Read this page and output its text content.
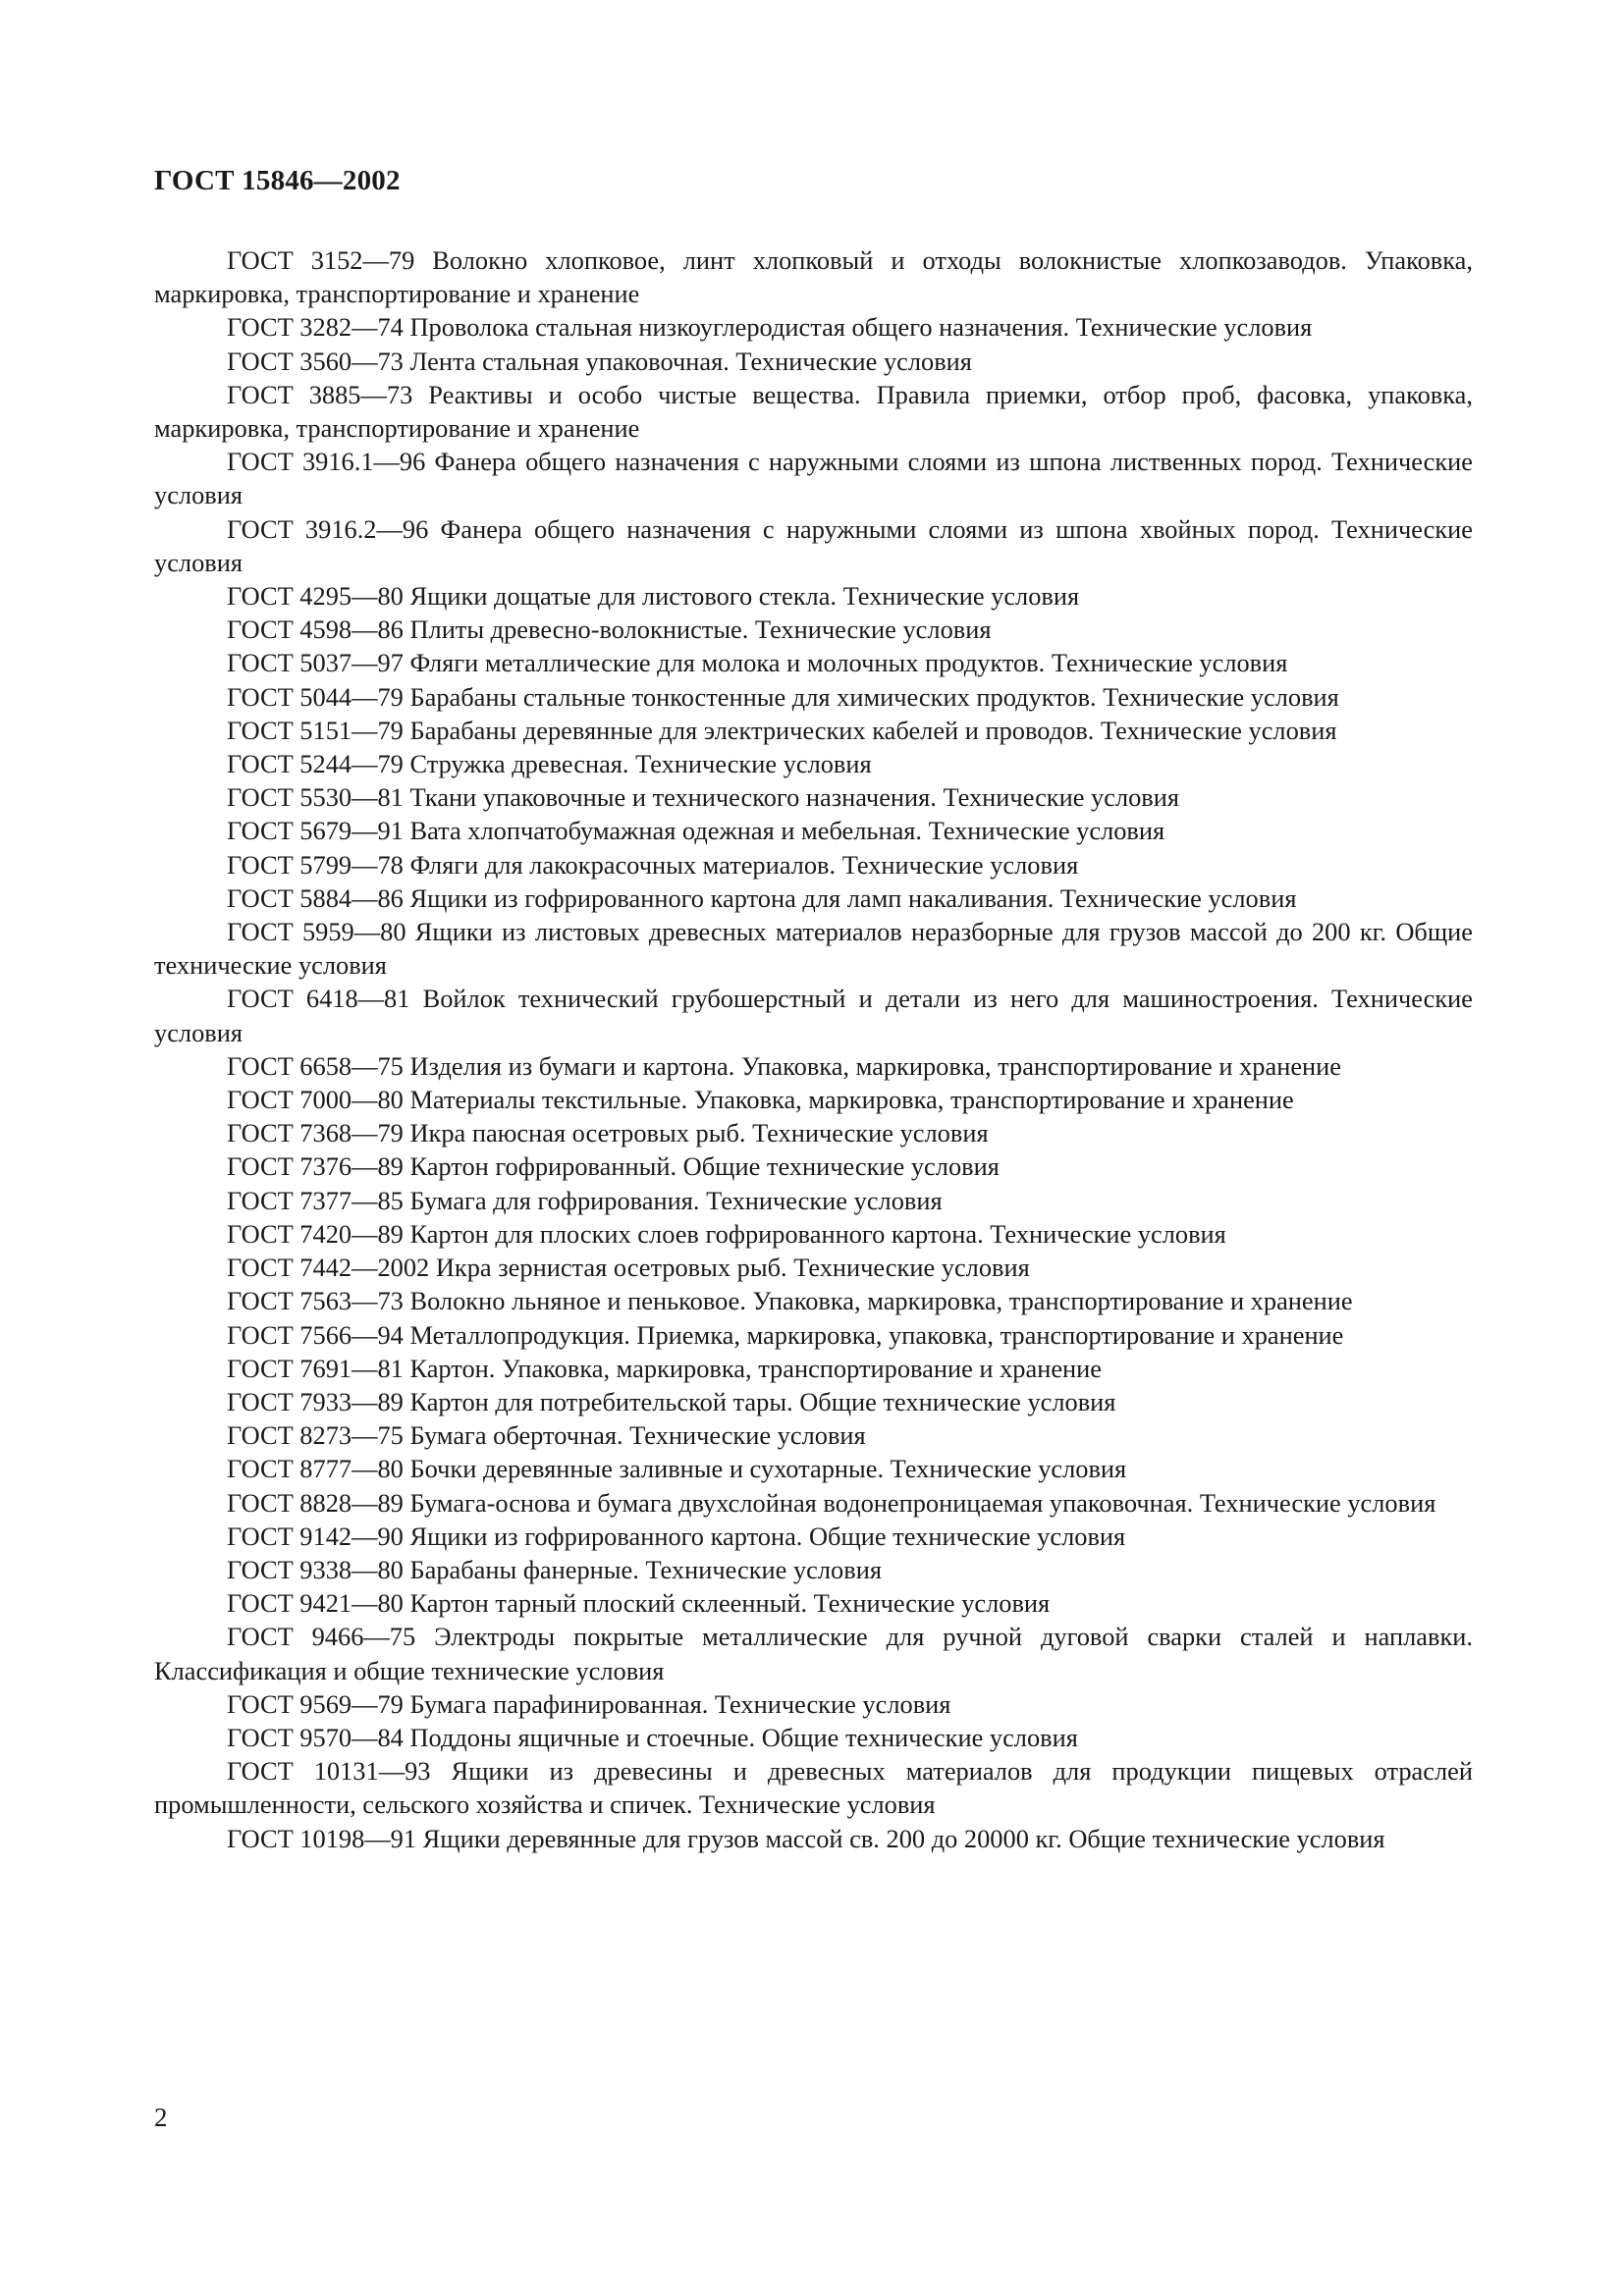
ГОСТ 15846—2002
ГОСТ 3152—79 Волокно хлопковое, линт хлопковый и отходы волокнистые хлопкозаводов. Упаковка, маркировка, транспортирование и хранение
ГОСТ 3282—74 Проволока стальная низкоуглеродистая общего назначения. Технические условия
ГОСТ 3560—73 Лента стальная упаковочная. Технические условия
ГОСТ 3885—73 Реактивы и особо чистые вещества. Правила приемки, отбор проб, фасовка, упаковка, маркировка, транспортирование и хранение
ГОСТ 3916.1—96 Фанера общего назначения с наружными слоями из шпона лиственных пород. Технические условия
ГОСТ 3916.2—96 Фанера общего назначения с наружными слоями из шпона хвойных пород. Технические условия
ГОСТ 4295—80 Ящики дощатые для листового стекла. Технические условия
ГОСТ 4598—86 Плиты древесно-волокнистые. Технические условия
ГОСТ 5037—97 Фляги металлические для молока и молочных продуктов. Технические условия
ГОСТ 5044—79 Барабаны стальные тонкостенные для химических продуктов. Технические условия
ГОСТ 5151—79 Барабаны деревянные для электрических кабелей и проводов. Технические условия
ГОСТ 5244—79 Стружка древесная. Технические условия
ГОСТ 5530—81 Ткани упаковочные и технического назначения. Технические условия
ГОСТ 5679—91 Вата хлопчатобумажная одежная и мебельная. Технические условия
ГОСТ 5799—78 Фляги для лакокрасочных материалов. Технические условия
ГОСТ 5884—86 Ящики из гофрированного картона для ламп накаливания. Технические условия
ГОСТ 5959—80 Ящики из листовых древесных материалов неразборные для грузов массой до 200 кг. Общие технические условия
ГОСТ 6418—81 Войлок технический грубошерстный и детали из него для машиностроения. Технические условия
ГОСТ 6658—75 Изделия из бумаги и картона. Упаковка, маркировка, транспортирование и хранение
ГОСТ 7000—80 Материалы текстильные. Упаковка, маркировка, транспортирование и хранение
ГОСТ 7368—79 Икра паюсная осетровых рыб. Технические условия
ГОСТ 7376—89 Картон гофрированный. Общие технические условия
ГОСТ 7377—85 Бумага для гофрирования. Технические условия
ГОСТ 7420—89 Картон для плоских слоев гофрированного картона. Технические условия
ГОСТ 7442—2002 Икра зернистая осетровых рыб. Технические условия
ГОСТ 7563—73 Волокно льняное и пеньковое. Упаковка, маркировка, транспортирование и хранение
ГОСТ 7566—94 Металлопродукция. Приемка, маркировка, упаковка, транспортирование и хранение
ГОСТ 7691—81 Картон. Упаковка, маркировка, транспортирование и хранение
ГОСТ 7933—89 Картон для потребительской тары. Общие технические условия
ГОСТ 8273—75 Бумага оберточная. Технические условия
ГОСТ 8777—80 Бочки деревянные заливные и сухотарные. Технические условия
ГОСТ 8828—89 Бумага-основа и бумага двухслойная водонепроницаемая упаковочная. Технические условия
ГОСТ 9142—90 Ящики из гофрированного картона. Общие технические условия
ГОСТ 9338—80 Барабаны фанерные. Технические условия
ГОСТ 9421—80 Картон тарный плоский склеенный. Технические условия
ГОСТ 9466—75 Электроды покрытые металлические для ручной дуговой сварки сталей и наплавки. Классификация и общие технические условия
ГОСТ 9569—79 Бумага парафинированная. Технические условия
ГОСТ 9570—84 Поддоны ящичные и стоечные. Общие технические условия
ГОСТ 10131—93 Ящики из древесины и древесных материалов для продукции пищевых отраслей промышленности, сельского хозяйства и спичек. Технические условия
ГОСТ 10198—91 Ящики деревянные для грузов массой св. 200 до 20000 кг. Общие технические условия
2
